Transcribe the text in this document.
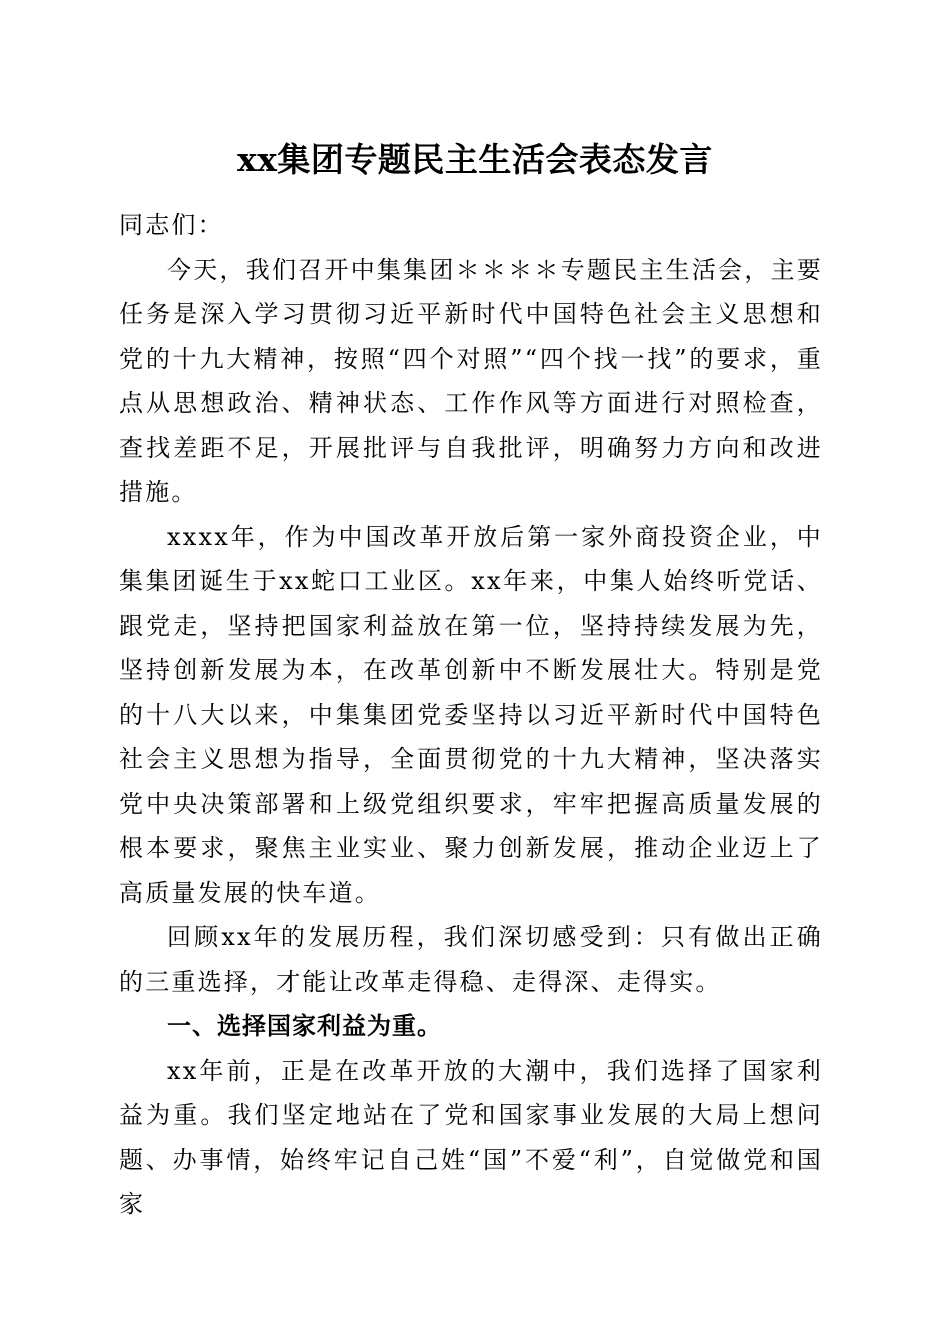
xx集团专题民主生活会表态发言

同志们：

今天，我们召开中集集团＊＊＊＊专题民主生活会，主要任务是深入学习贯彻习近平新时代中国特色社会主义思想和党的十九大精神，按照“四个对照”“四个找一找”的要求，重点从思想政治、精神状态、工作作风等方面进行对照检查，查找差距不足，开展批评与自我批评，明确努力方向和改进措施。

xxxx年，作为中国改革开放后第一家外商投资企业，中集集团诞生于xx蛇口工业区。xx年来，中集人始终听党话、跟党走，坚持把国家利益放在第一位，坚持持续发展为先，坚持创新发展为本，在改革创新中不断发展壮大。特别是党的十八大以来，中集集团党委坚持以习近平新时代中国特色社会主义思想为指导，全面贯彻党的十九大精神，坚决落实党中央决策部署和上级党组织要求，牢牢把握高质量发展的根本要求，聚焦主业实业、聚力创新发展，推动企业迈上了高质量发展的快车道。

回顾xx年的发展历程，我们深切感受到：只有做出正确的三重选择，才能让改革走得稳、走得深、走得实。

一、选择国家利益为重。

xx年前，正是在改革开放的大潮中，我们选择了国家利益为重。我们坚定地站在了党和国家事业发展的大局上想问题、办事情，始终牢记自己姓“国”不爱“利”，自觉做党和国家
